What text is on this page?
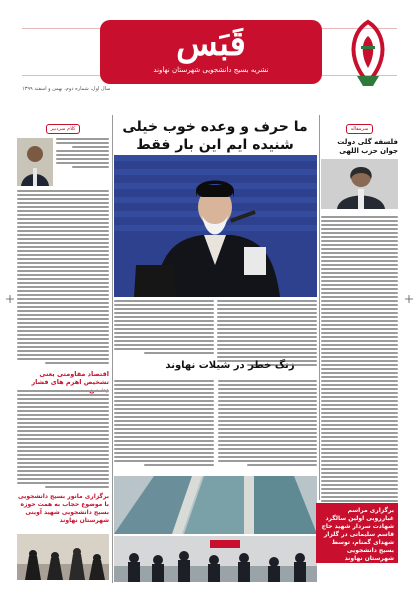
قَبَس
نشریه بسیج دانشجویی شهرستان نهاوند
سال اول، شماره دوم، بهمن و اسفند ۱۳۹۹
کلام سردبیر
اقتصاد مقاومتی یعنی تشخیص اهرم های فشار
برگزاری مانور بسیج دانشجویی با موضوع حجاب به همت حوزه بسیج دانشجویی شهید آوینی شهرستان نهاوند
ما حرف و وعده خوب خیلی شنیده ایم این بار فقط
زنگ خطر در شیلات نهاوند
سرمقاله
فلسفه گلی دولت جوان حزب اللهی
برگزاری مراسم غبارروبی اولین سالگرد شهادت سردار شهید حاج قاسم سلیمانی در گلزار شهدای گمنام، توسط بسیج دانشجویی شهرستان نهاوند
